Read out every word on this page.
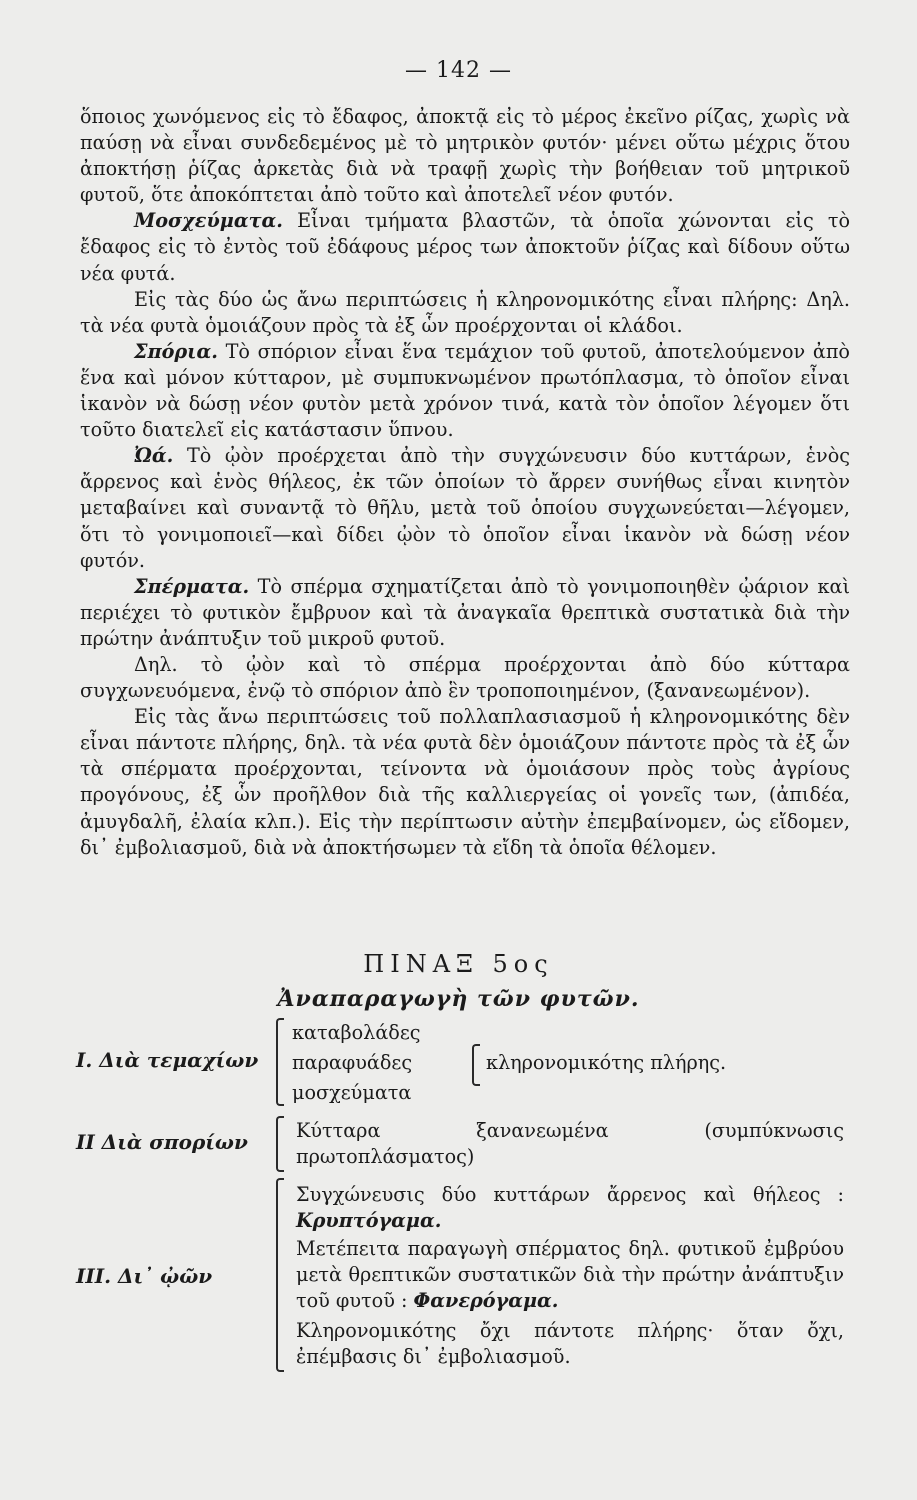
— 142 —

ὅποιος χωνόμενος εἰς τὸ ἔδαφος, ἀποκτᾷ εἰς τὸ μέρος ἐκεῖνο ρίζας, χωρὶς νὰ παύσῃ νὰ εἶναι συνδεδεμένος μὲ τὸ μητρικὸν φυτόν· μένει οὕτω μέχρις ὅτου ἀποκτήσῃ ῥίζας ἀρκετὰς διὰ νὰ τραφῇ χωρὶς τὴν βοήθειαν τοῦ μητρικοῦ φυτοῦ, ὅτε ἀποκόπτεται ἀπὸ τοῦτο καὶ ἀποτελεῖ νέον φυτόν.

Μοσχεύματα. Εἶναι τμήματα βλαστῶν, τὰ ὁποῖα χώνονται εἰς τὸ ἔδαφος εἰς τὸ ἐντὸς τοῦ ἐδάφους μέρος των ἀποκτοῦν ῥίζας καὶ δίδουν οὕτω νέα φυτά.

Εἰς τὰς δύο ὡς ἄνω περιπτώσεις ἡ κληρονομικότης εἶναι πλήρης: Δηλ. τὰ νέα φυτὰ ὁμοιάζουν πρὸς τὰ ἐξ ὧν προέρχονται οἱ κλάδοι.

Σπόρια. Τὸ σπόριον εἶναι ἕνα τεμάχιον τοῦ φυτοῦ, ἀποτελούμενον ἀπὸ ἕνα καὶ μόνον κύτταρον, μὲ συμπυκνωμένον πρωτόπλασμα, τὸ ὁποῖον εἶναι ἱκανὸν νὰ δώσῃ νέον φυτὸν μετὰ χρόνον τινά, κατὰ τὸν ὁποῖον λέγομεν ὅτι τοῦτο διατελεῖ εἰς κατάστασιν ὕπνου.

Ὠά. Τὸ ᾠὸν προέρχεται ἀπὸ τὴν συγχώνευσιν δύο κυττάρων, ἑνὸς ἄρρενος καὶ ἑνὸς θήλεος, ἐκ τῶν ὁποίων τὸ ἄρρεν συνήθως εἶναι κινητὸν μεταβαίνει καὶ συναντᾷ τὸ θῆλυ, μετὰ τοῦ ὁποίου συγχωνεύεται—λέγομεν, ὅτι τὸ γονιμοποιεῖ—καὶ δίδει ᾠὸν τὸ ὁποῖον εἶναι ἱκανὸν νὰ δώσῃ νέον φυτόν.

Σπέρματα. Τὸ σπέρμα σχηματίζεται ἀπὸ τὸ γονιμοποιηθὲν ᾠάριον καὶ περιέχει τὸ φυτικὸν ἔμβρυον καὶ τὰ ἀναγκαῖα θρεπτικὰ συστατικὰ διὰ τὴν πρώτην ἀνάπτυξιν τοῦ μικροῦ φυτοῦ.

Δηλ. τὸ ᾠὸν καὶ τὸ σπέρμα προέρχονται ἀπὸ δύο κύτταρα συγχωνευόμενα, ἐνῷ τὸ σπόριον ἀπὸ ἓν τροποποιημένον, (ξανανεωμένον).

Εἰς τὰς ἄνω περιπτώσεις τοῦ πολλαπλασιασμοῦ ἡ κληρονομικότης δὲν εἶναι πάντοτε πλήρης, δηλ. τὰ νέα φυτὰ δὲν ὁμοιάζουν πάντοτε πρὸς τὰ ἐξ ὧν τὰ σπέρματα προέρχονται, τείνοντα νὰ ὁμοιάσουν πρὸς τοὺς ἀγρίους προγόνους, ἐξ ὧν προῆλθον διὰ τῆς καλλιεργείας οἱ γονεῖς των, (ἀπιδέα, ἀμυγδαλῆ, ἐλαία κλπ.). Εἰς τὴν περίπτωσιν αὐτὴν ἐπεμβαίνομεν, ὡς εἴδομεν, δι᾿ ἐμβολιασμοῦ, διὰ νὰ ἀποκτήσωμεν τὰ εἴδη τὰ ὁποῖα θέλομεν.

ΠΙΝΑΞ 5ος
Ἀναπαραγωγὴ τῶν φυτῶν.
I. Διὰ τεμαχίων
καταβολάδες
παραφυάδες
μοσχεύματα
κληρονομικότης πλήρης.
II Διὰ σπορίων	Κύτταρα ξανανεωμένα (συμπύκνωσις πρωτοπλάσματος)
III. Δι᾿ ᾠῶν
Συγχώνευσις δύο κυττάρων ἄρρενος καὶ θήλεος : Κρυπτόγαμα.
Μετέπειτα παραγωγὴ σπέρματος δηλ. φυτικοῦ ἐμβρύου μετὰ θρεπτικῶν συστατικῶν διὰ τὴν πρώτην ἀνάπτυξιν τοῦ φυτοῦ : Φανερόγαμα.
Κληρονομικότης ὄχι πάντοτε πλήρης· ὅταν ὄχι, ἐπέμβασις δι᾿ ἐμβολιασμοῦ.
